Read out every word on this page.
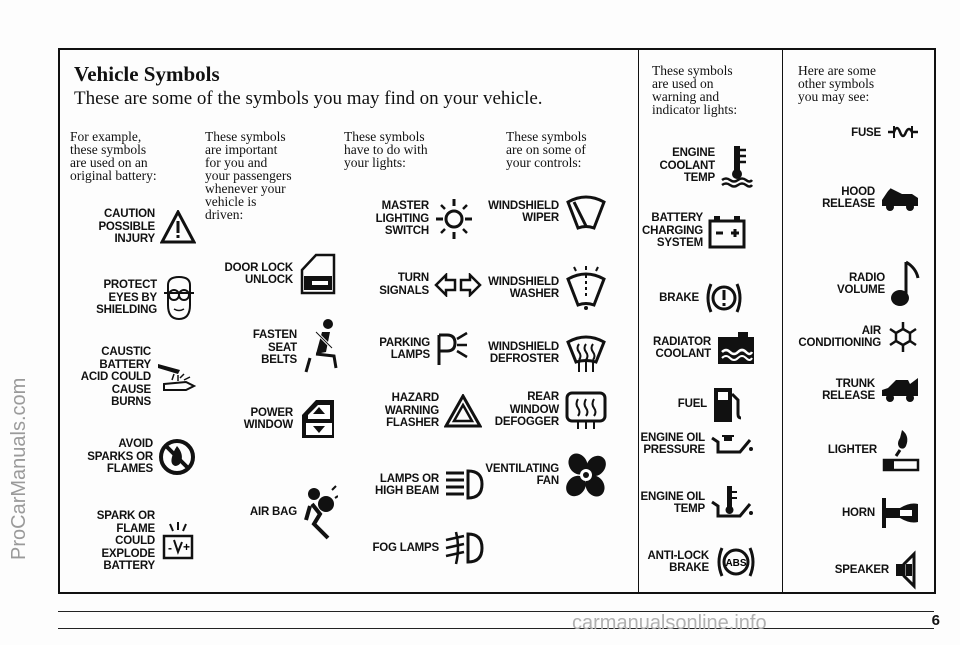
Vehicle Symbols
These are some of the symbols you may find on your vehicle.
For example,
these symbols
are used on an
original battery:
CAUTION
POSSIBLE
INJURY
PROTECT
EYES BY
SHIELDING
CAUSTIC
BATTERY
ACID COULD
CAUSE
BURNS
AVOID
SPARKS OR
FLAMES
SPARK OR
FLAME
COULD
EXPLODE
BATTERY
- +
These symbols
are important
for you and
your passengers
whenever your
vehicle is
driven:
DOOR LOCK
UNLOCK
FASTEN
SEAT
BELTS
POWER
WINDOW
AIR BAG
These symbols
have to do with
your lights:
MASTER
LIGHTING
SWITCH
TURN
SIGNALS
PARKING
LAMPS
HAZARD
WARNING
FLASHER
LAMPS OR
HIGH BEAM
FOG LAMPS
These symbols
are on some of
your controls:
WINDSHIELD
WIPER
WINDSHIELD
WASHER
WINDSHIELD
DEFROSTER
REAR
WINDOW
DEFOGGER
VENTILATING
FAN
These symbols
are used on
warning and
indicator lights:
ENGINE
COOLANT
TEMP
BATTERY
CHARGING
SYSTEM
BRAKE
RADIATOR
COOLANT
FUEL
ENGINE OIL
PRESSURE
ENGINE OIL
TEMP
ANTI-LOCK
BRAKE ABS
Here are some
other symbols
you may see:
FUSE
HOOD
RELEASE
RADIO
VOLUME
AIR
CONDITIONING
TRUNK
RELEASE
LIGHTER
HORN
SPEAKER
6
ProCarManuals.com
carmanualsonline.info
